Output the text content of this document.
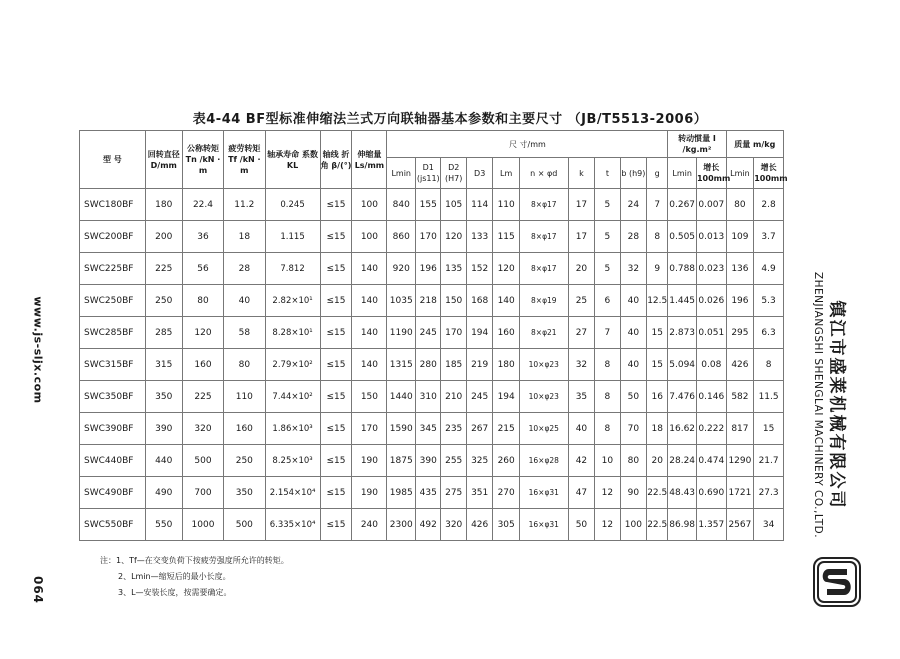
表4-44 BF型标准伸缩法兰式万向联轴器基本参数和主要尺寸 （JB/T5513-2006）
型 号	回转直径 D/mm	公称转矩 Tn /kN · m	疲劳转矩 Tf /kN · m	轴承寿命 系数 KL	轴线 折角 β/(°)	伸缩量 Ls/mm	尺 寸/mm										转动惯量 I /kg.m²		质量 m/kg	
							Lmin	D1 (js11)	D2 (H7)	D3	Lm	n × φd	k	t	b (h9)	g	Lmin	增长 100mm	Lmin	增长 100mm
SWC180BF	180	22.4	11.2	0.245	≤15	100	840	155	105	114	110	8×φ17	17	5	24	7	0.267	0.007	80	2.8
SWC200BF	200	36	18	1.115	≤15	100	860	170	120	133	115	8×φ17	17	5	28	8	0.505	0.013	109	3.7
SWC225BF	225	56	28	7.812	≤15	140	920	196	135	152	120	8×φ17	20	5	32	9	0.788	0.023	136	4.9
SWC250BF	250	80	40	2.82×10¹	≤15	140	1035	218	150	168	140	8×φ19	25	6	40	12.5	1.445	0.026	196	5.3
SWC285BF	285	120	58	8.28×10¹	≤15	140	1190	245	170	194	160	8×φ21	27	7	40	15	2.873	0.051	295	6.3
SWC315BF	315	160	80	2.79×10²	≤15	140	1315	280	185	219	180	10×φ23	32	8	40	15	5.094	0.08	426	8
SWC350BF	350	225	110	7.44×10²	≤15	150	1440	310	210	245	194	10×φ23	35	8	50	16	7.476	0.146	582	11.5
SWC390BF	390	320	160	1.86×10³	≤15	170	1590	345	235	267	215	10×φ25	40	8	70	18	16.62	0.222	817	15
SWC440BF	440	500	250	8.25×10³	≤15	190	1875	390	255	325	260	16×φ28	42	10	80	20	28.24	0.474	1290	21.7
SWC490BF	490	700	350	2.154×10⁴	≤15	190	1985	435	275	351	270	16×φ31	47	12	90	22.5	48.43	0.690	1721	27.3
SWC550BF	550	1000	500	6.335×10⁴	≤15	240	2300	492	320	426	305	16×φ31	50	12	100	22.5	86.98	1.357	2567	34
注：1、Tf—在交变负荷下按疲劳强度所允许的转矩。
2、Lmin—缩短后的最小长度。
3、L—安装长度，按需要确定。
www.js-sljx.com
064
镇江市盛莱机械有限公司
ZHENJIANGSHI SHENGLAI MACHINERY CO.,LTD.
